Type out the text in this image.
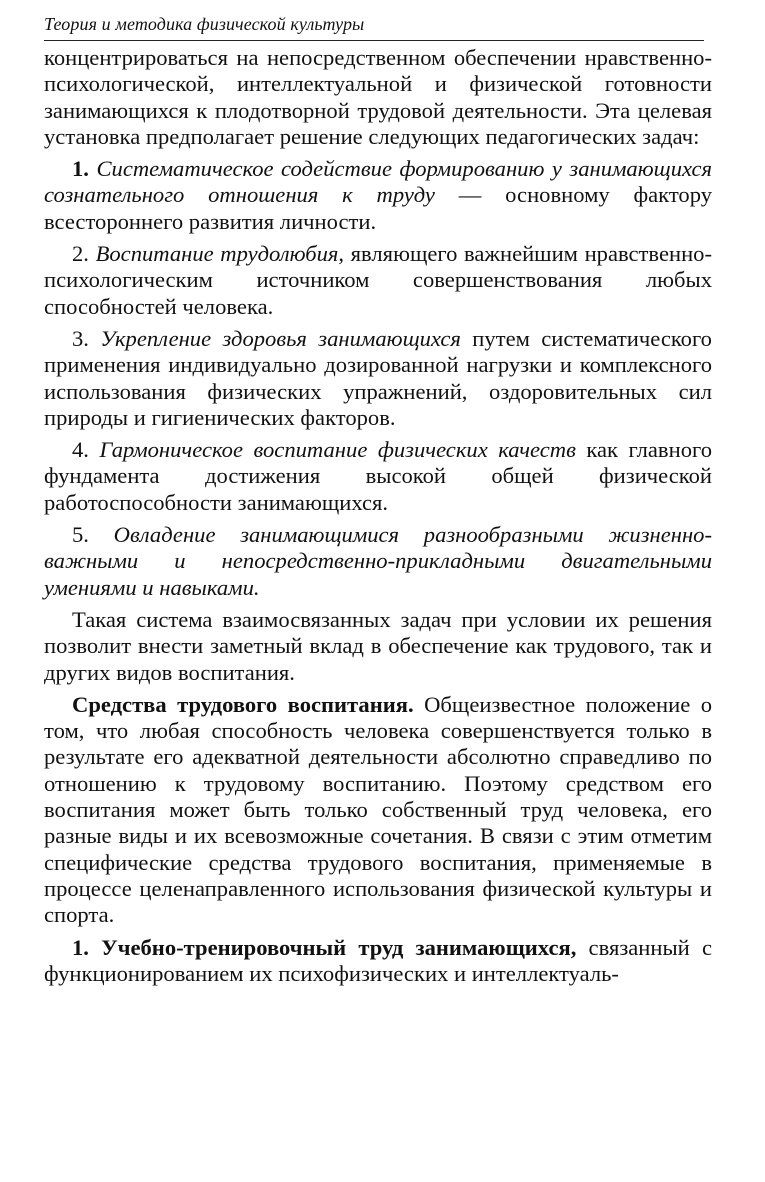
Теория и методика физической культуры

концентрироваться на непосредственном обеспечении нравственно-психологической, интеллектуальной и физической готовности занимающихся к плодотворной трудовой деятельности. Эта целевая установка предполагает решение следующих педагогических задач:

1. Систематическое содействие формированию у занимающихся сознательного отношения к труду — основному фактору всестороннего развития личности.

2. Воспитание трудолюбия, являющего важнейшим нравственно-психологическим источником совершенствования любых способностей человека.

3. Укрепление здоровья занимающихся путем систематического применения индивидуально дозированной нагрузки и комплексного использования физических упражнений, оздоровительных сил природы и гигиенических факторов.

4. Гармоническое воспитание физических качеств как главного фундамента достижения высокой общей физической работоспособности занимающихся.

5. Овладение занимающимися разнообразными жизненно-важными и непосредственно-прикладными двигательными умениями и навыками.

Такая система взаимосвязанных задач при условии их решения позволит внести заметный вклад в обеспечение как трудового, так и других видов воспитания.

Средства трудового воспитания. Общеизвестное положение о том, что любая способность человека совершенствуется только в результате его адекватной деятельности абсолютно справедливо по отношению к трудовому воспитанию. Поэтому средством его воспитания может быть только собственный труд человека, его разные виды и их всевозможные сочетания. В связи с этим отметим специфические средства трудового воспитания, применяемые в процессе целенаправленного использования физической культуры и спорта.

1. Учебно-тренировочный труд занимающихся, связанный с функционированием их психофизических и интеллектуаль-
